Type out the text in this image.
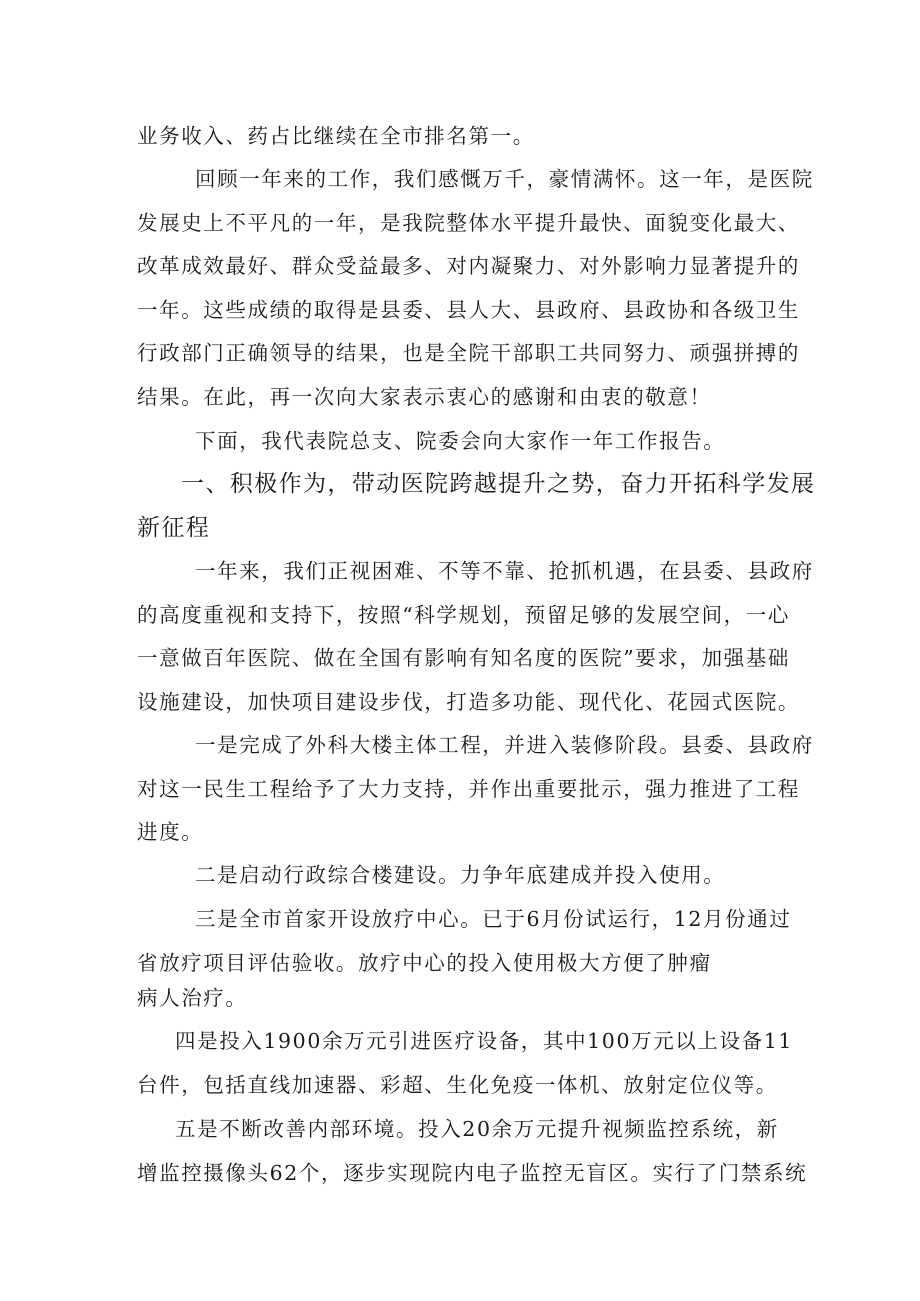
业务收入、药占比继续在全市排名第一。
回顾一年来的工作，我们感慨万千，豪情满怀。这一年，是医院
发展史上不平凡的一年，是我院整体水平提升最快、面貌变化最大、
改革成效最好、群众受益最多、对内凝聚力、对外影响力显著提升的
一年。这些成绩的取得是县委、县人大、县政府、县政协和各级卫生
行政部门正确领导的结果，也是全院干部职工共同努力、顽强拼搏的
结果。在此，再一次向大家表示衷心的感谢和由衷的敬意！
下面，我代表院总支、院委会向大家作一年工作报告。
一、积极作为，带动医院跨越提升之势，奋力开拓科学发展
新征程
一年来，我们正视困难、不等不靠、抢抓机遇，在县委、县政府
的高度重视和支持下，按照“科学规划，预留足够的发展空间，一心
一意做百年医院、做在全国有影响有知名度的医院”要求，加强基础
设施建设，加快项目建设步伐，打造多功能、现代化、花园式医院。
一是完成了外科大楼主体工程，并进入装修阶段。县委、县政府
对这一民生工程给予了大力支持，并作出重要批示，强力推进了工程
进度。
二是启动行政综合楼建设。力争年底建成并投入使用。
三是全市首家开设放疗中心。已于6月份试运行，12月份通过
省放疗项目评估验收。放疗中心的投入使用极大方便了肿瘤
病人治疗。
四是投入1900余万元引进医疗设备，其中100万元以上设备11
台件，包括直线加速器、彩超、生化免疫一体机、放射定位仪等。
五是不断改善内部环境。投入20余万元提升视频监控系统，新
增监控摄像头62个，逐步实现院内电子监控无盲区。实行了门禁系统
